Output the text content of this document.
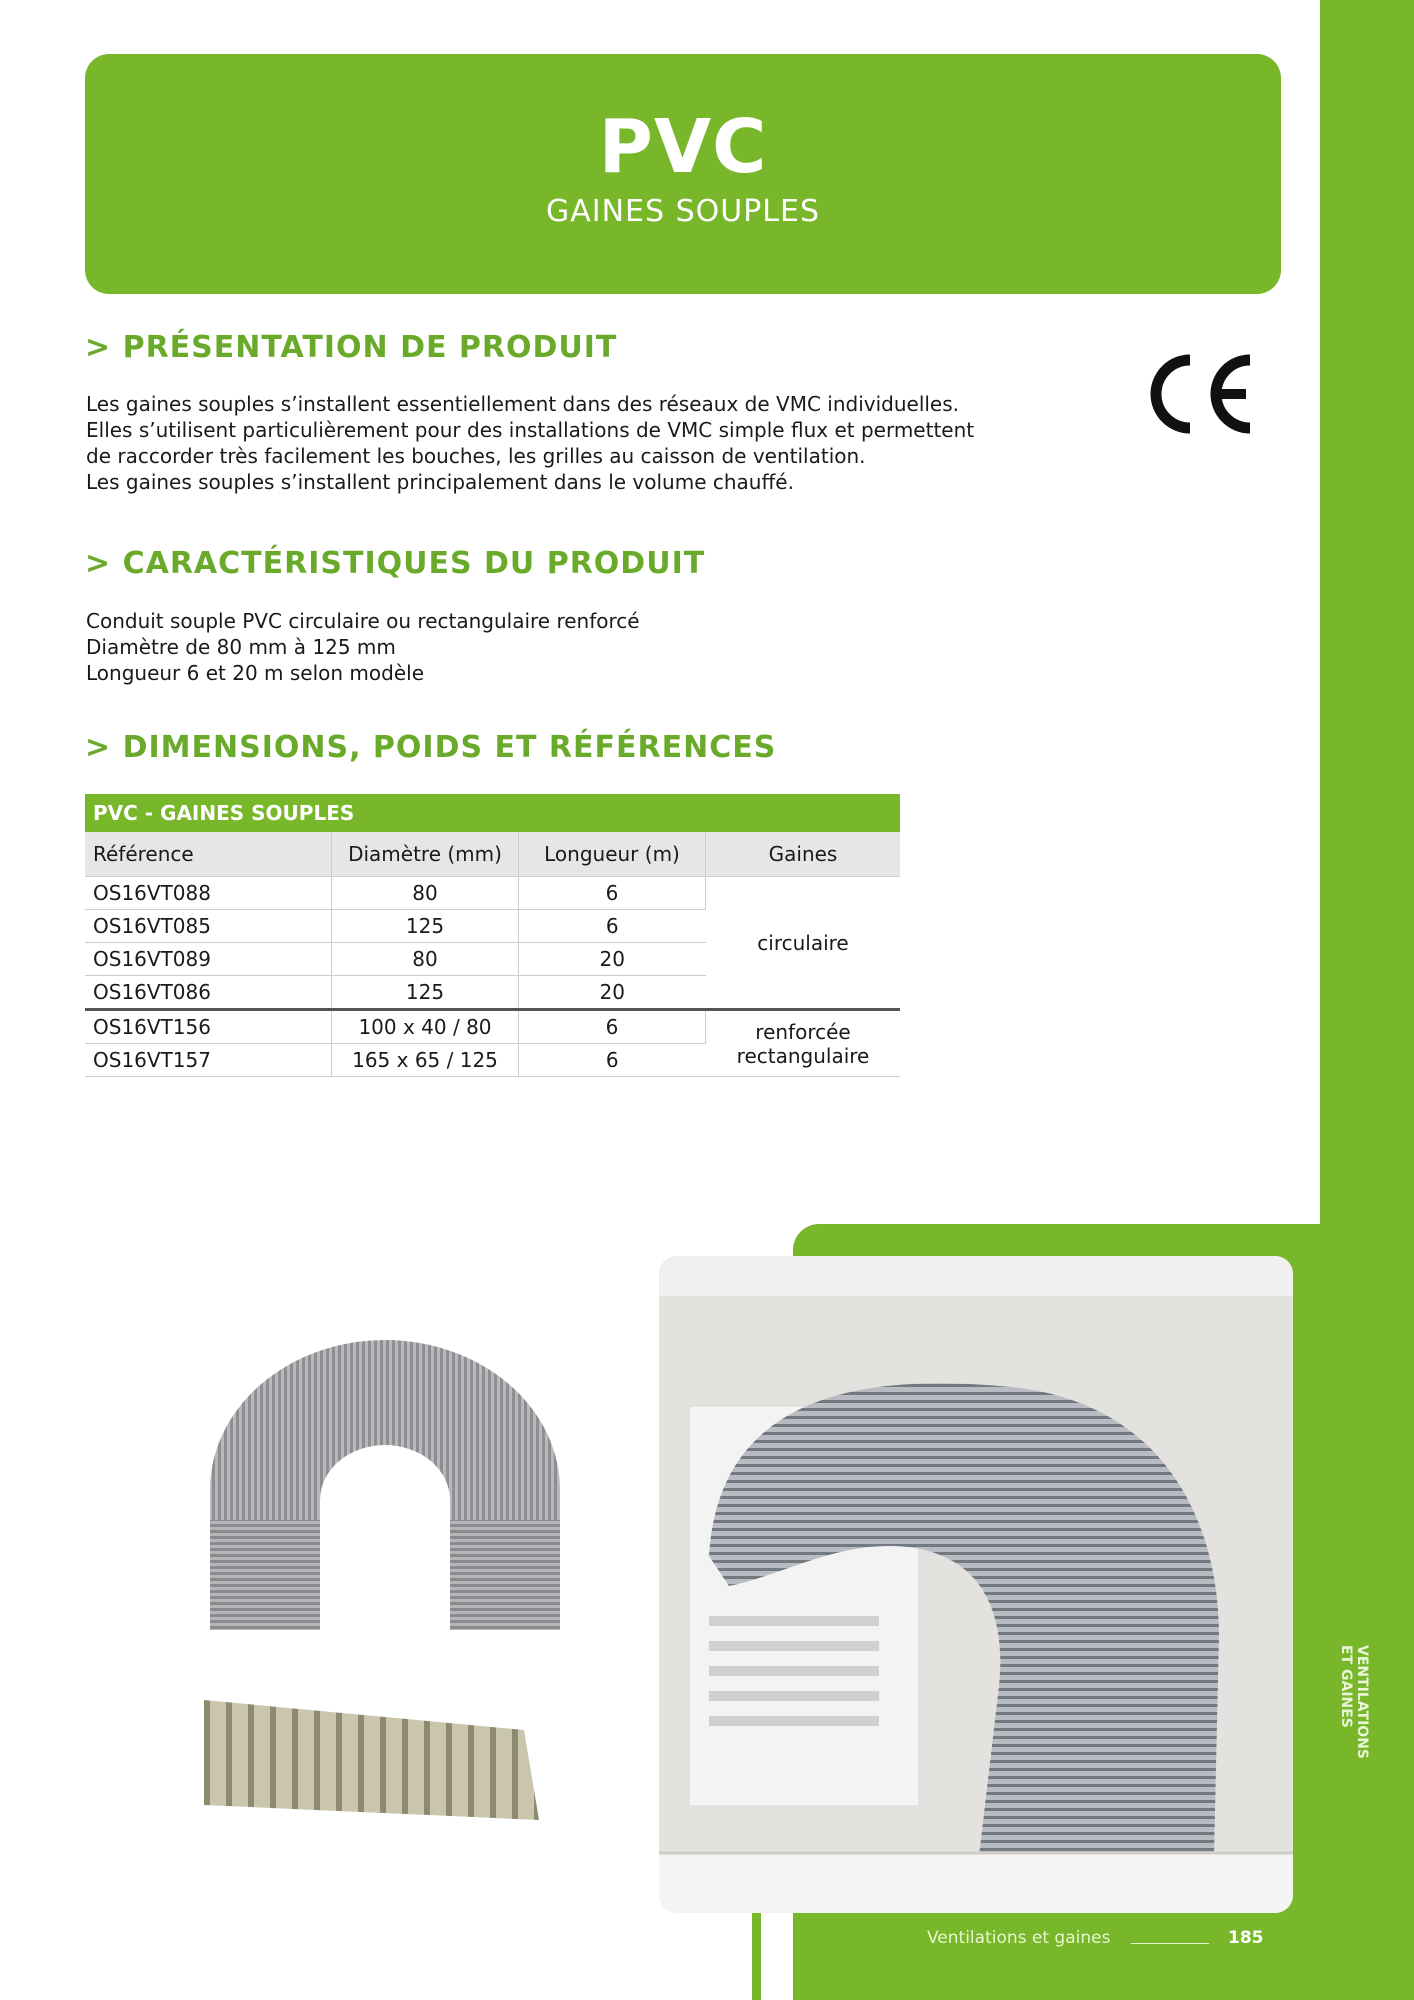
PVC
GAINES SOUPLES
> PRÉSENTATION DE PRODUIT
Les gaines souples s’installent essentiellement dans des réseaux de VMC individuelles.
Elles s’utilisent particulièrement pour des installations de VMC simple flux et permettent
de raccorder très facilement les bouches, les grilles au caisson de ventilation.
Les gaines souples s’installent principalement dans le volume chauffé.
> CARACTÉRISTIQUES DU PRODUIT
Conduit souple PVC circulaire ou rectangulaire renforcé
Diamètre de 80 mm à 125 mm
Longueur 6 et 20 m selon modèle
> DIMENSIONS, POIDS ET RÉFÉRENCES
PVC - GAINES SOUPLES			
Référence	Diamètre (mm)	Longueur (m)	Gaines
OS16VT088	80	6	circulaire
OS16VT085	125	6	
OS16VT089	80	20	
OS16VT086	125	20	
OS16VT156	100 x 40 / 80	6	renforcée
rectangulaire

OS16VT157	165 x 65 / 125	6	
VENTILATIONS
ET GAINES
Ventilations et gaines	185
